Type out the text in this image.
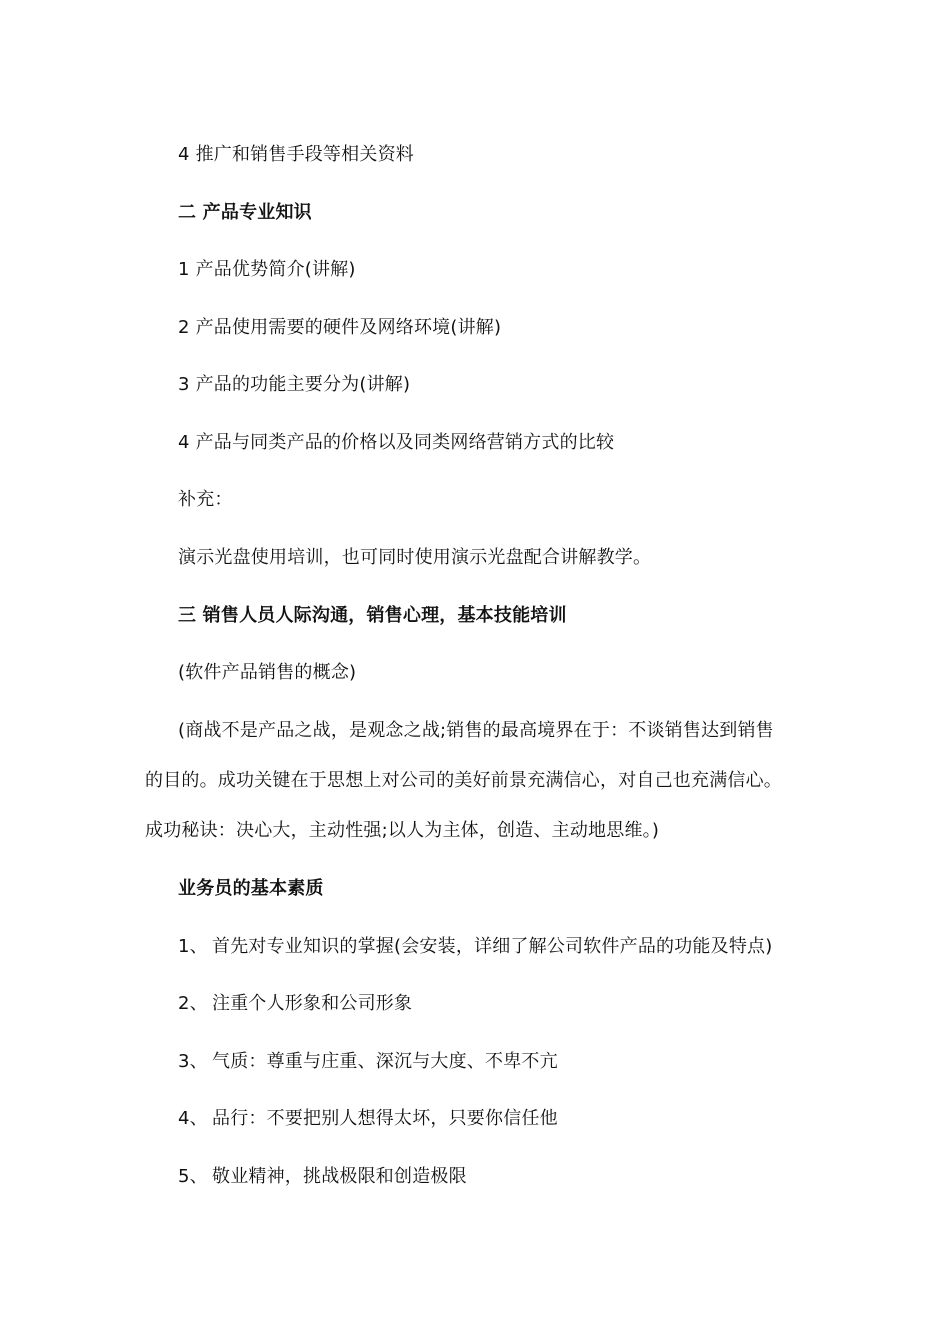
4 推广和销售手段等相关资料
二 产品专业知识
1 产品优势简介(讲解)
2 产品使用需要的硬件及网络环境(讲解)
3 产品的功能主要分为(讲解)
4 产品与同类产品的价格以及同类网络营销方式的比较
补充：
演示光盘使用培训，也可同时使用演示光盘配合讲解教学。
三 销售人员人际沟通，销售心理，基本技能培训
(软件产品销售的概念)
(商战不是产品之战，是观念之战;销售的最高境界在于：不谈销售达到销售
的目的。成功关键在于思想上对公司的美好前景充满信心，对自己也充满信心。
成功秘诀：决心大，主动性强;以人为主体，创造、主动地思维。)
业务员的基本素质
1、 首先对专业知识的掌握(会安装，详细了解公司软件产品的功能及特点)
2、 注重个人形象和公司形象
3、 气质：尊重与庄重、深沉与大度、不卑不亢
4、 品行：不要把别人想得太坏，只要你信任他
5、 敬业精神，挑战极限和创造极限
